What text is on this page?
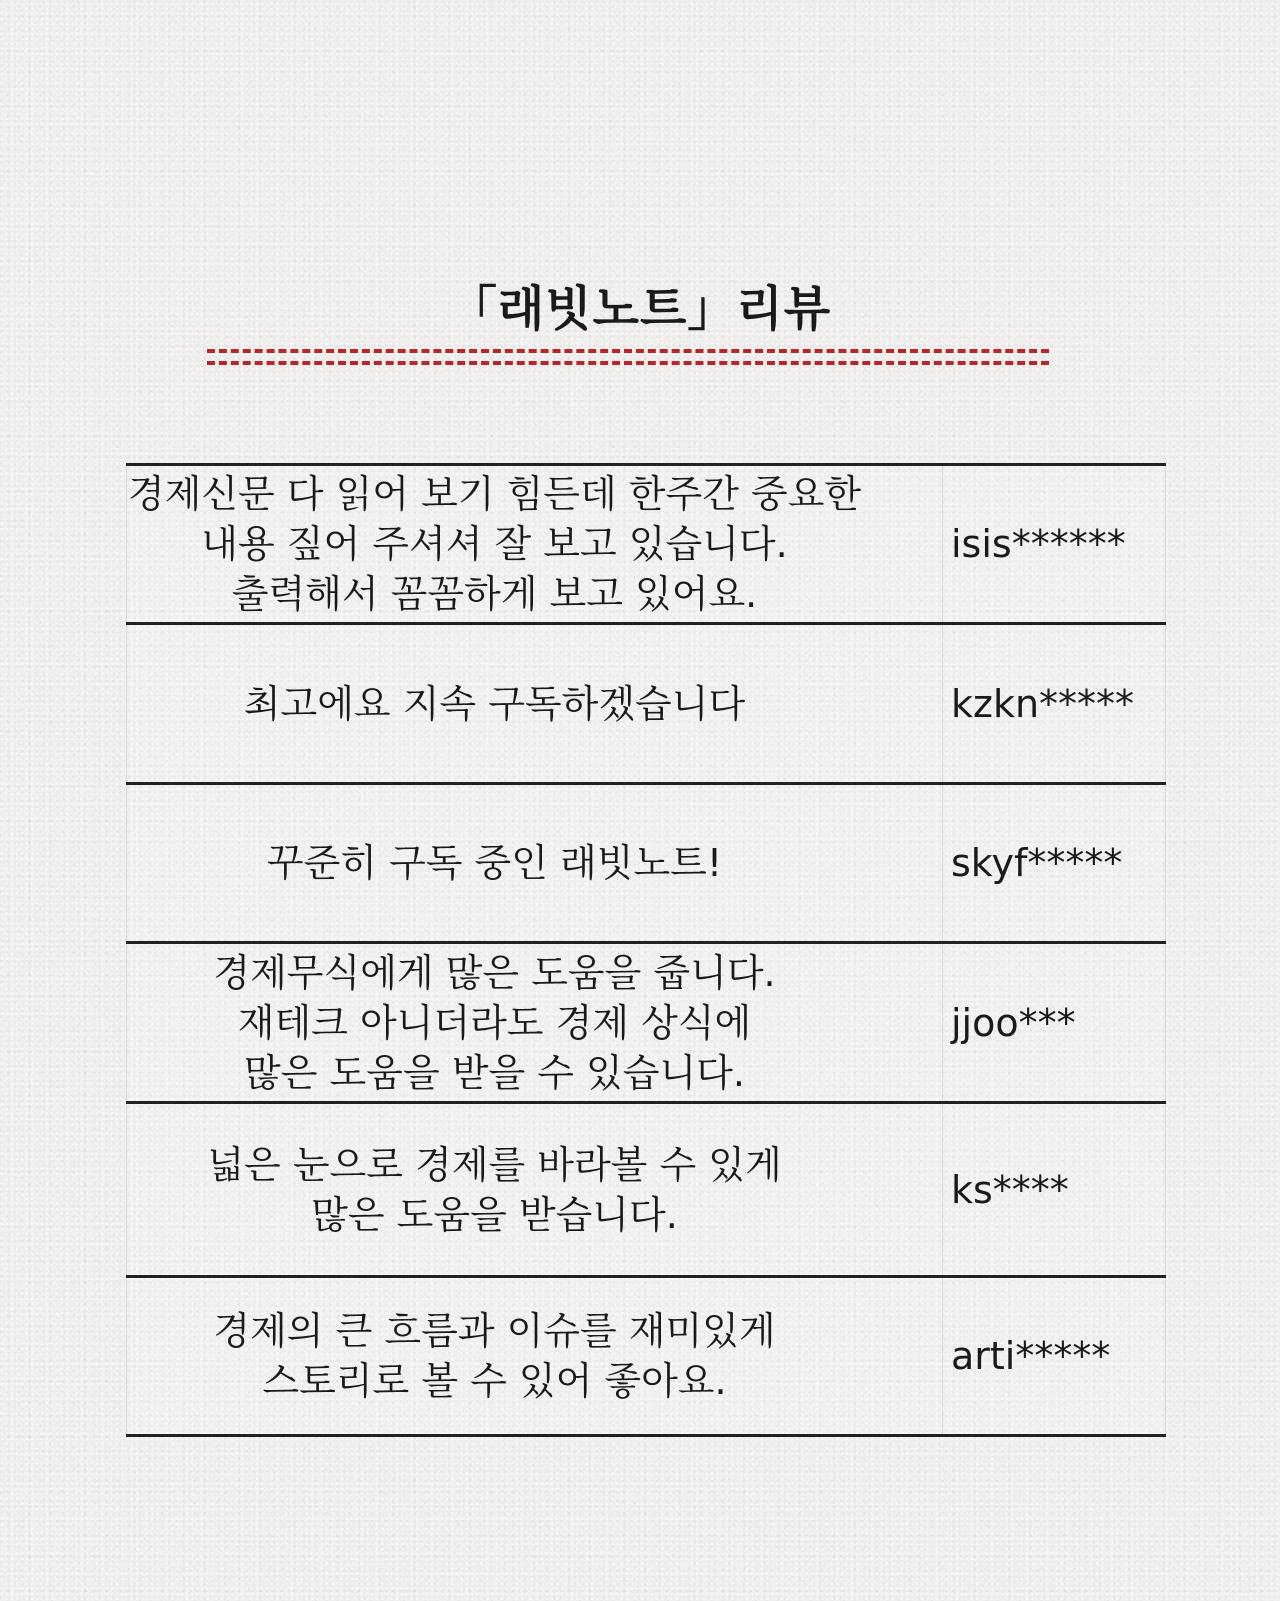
「래빗노트」리뷰
경제신문 다 읽어 보기 힘든데 한주간 중요한
내용 짚어 주셔셔 잘 보고 있습니다.
출력해서 꼼꼼하게 보고 있어요.
isis******
최고에요 지속 구독하겠습니다	kzkn*****
꾸준히 구독 중인 래빗노트!	skyf*****
경제무식에게 많은 도움을 줍니다.
재테크 아니더라도 경제 상식에
많은 도움을 받을 수 있습니다.
jjoo***
넓은 눈으로 경제를 바라볼 수 있게
많은 도움을 받습니다.
ks****
경제의 큰 흐름과 이슈를 재미있게
스토리로 볼 수 있어 좋아요.
arti*****
